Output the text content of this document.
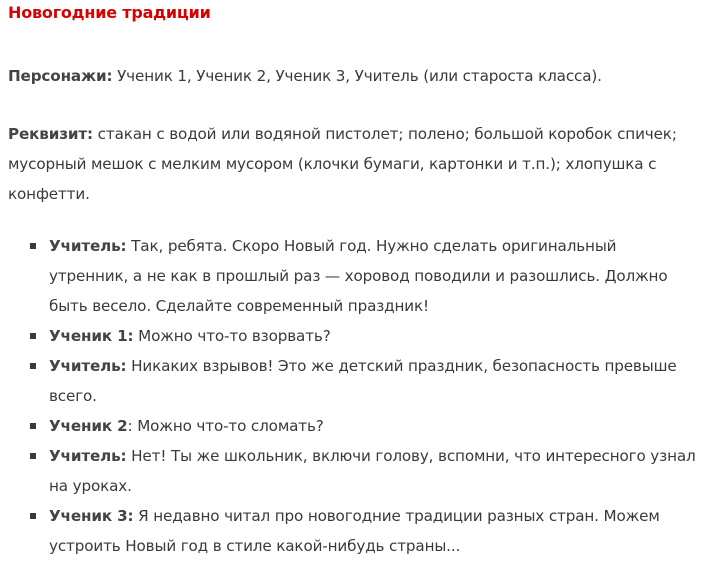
Новогодние традиции

Персонажи: Ученик 1, Ученик 2, Ученик 3, Учитель (или староста класса).

Реквизит: стакан с водой или водяной пистолет; полено; большой коробок спичек; мусорный мешок с мелким мусором (клочки бумаги, картонки и т.п.); хлопушка с конфетти.

Учитель: Так, ребята. Скоро Новый год. Нужно сделать оригинальный утренник, а не как в прошлый раз — хоровод поводили и разошлись. Должно быть весело. Сделайте современный праздник!
Ученик 1: Можно что-то взорвать?
Учитель: Никаких взрывов! Это же детский праздник, безопасность превыше всего.
Ученик 2: Можно что-то сломать?
Учитель: Нет! Ты же школьник, включи голову, вспомни, что интересного узнал на уроках.
Ученик 3: Я недавно читал про новогодние традиции разных стран. Можем устроить Новый год в стиле какой-нибудь страны...
